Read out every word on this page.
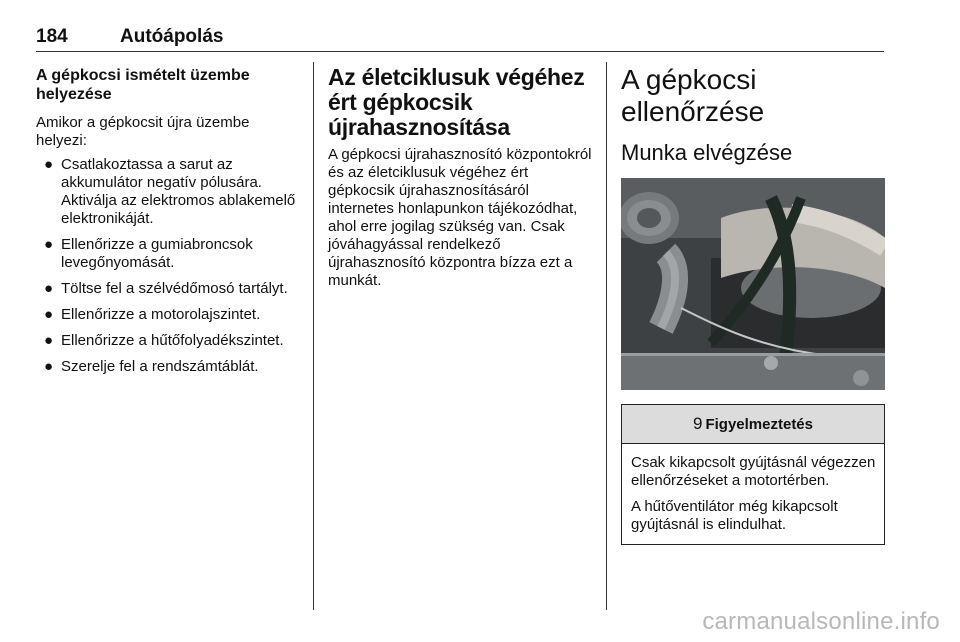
184	Autóápolás
A gépkocsi ismételt üzembe helyezése

Amikor a gépkocsit újra üzembe helyezi:

● Csatlakoztassa a sarut az akkumulátor negatív pólusára. Aktiválja az elektromos ablakemelő elektronikáját.
● Ellenőrizze a gumiabroncsok levegőnyomását.
● Töltse fel a szélvédőmosó tartályt.
● Ellenőrizze a motorolajszintet.
● Ellenőrizze a hűtőfolyadékszintet.
● Szerelje fel a rendszámtáblát.
Az életciklusuk végéhez ért gépkocsik újrahasznosítása

A gépkocsi újrahasznosító központokról és az életciklusuk végéhez ért gépkocsik újrahasznosításáról internetes honlapunkon tájékozódhat, ahol erre jogilag szükség van. Csak jóváhagyással rendelkező újrahasznosító központra bízza ezt a munkát.

A gépkocsi ellenőrzése
Munka elvégzése
9 Figyelmeztetés

Csak kikapcsolt gyújtásnál végezzen ellenőrzéseket a motortérben.

A hűtőventilátor még kikapcsolt gyújtásnál is elindulhat.

carmanualsonline.info
